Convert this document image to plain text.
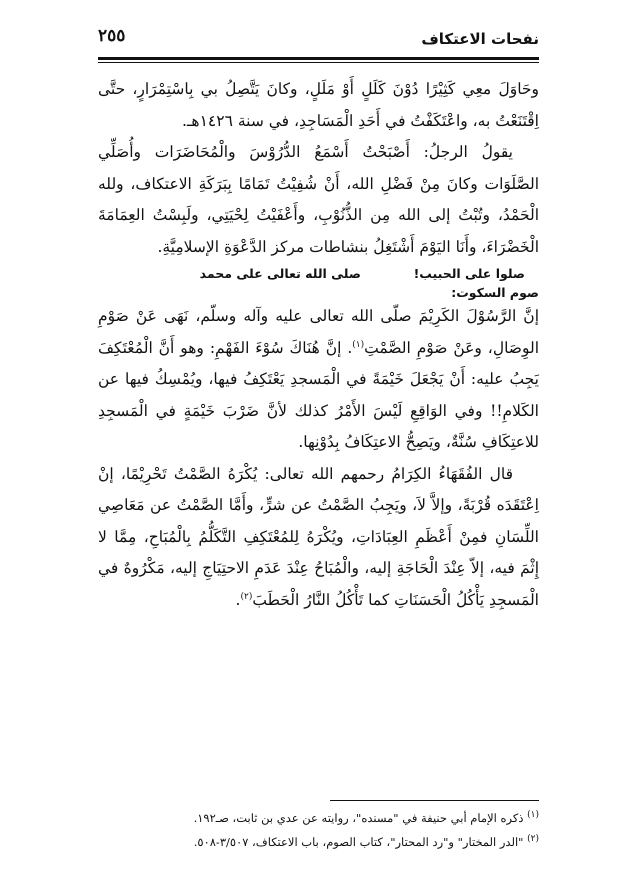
نفحات الاعتكاف
٢٥٥

وحَاوَلَ معِي كَثِيْرًا دُوْنَ كَلَلٍ أَوْ مَلَلٍ، وكانَ يَتَّصِلُ بي بِاسْتِمْرَارٍ، حتَّى اِقْتَنَعْتُ به، واعْتَكَفْتُ في أَحَدِ الْمَسَاجِدِ، في سنة ١٤٢٦هـ.

يقولُ الرجلُ: أَصْبَحْتُ أَسْمَعُ الدُّرُوْسَ والْمُحَاضَرَات وأُصَلِّي الصَّلَوَات وكانَ مِنْ فَضْلِ الله، أَنْ شُفِيْتُ تَمَامًا بِبَرَكَةِ الاعتكاف، ولله الْحَمْدُ، وتُبْتُ إلى الله مِن الذُّنُوْبِ، وأَعْفَيْتُ لِحْيَتِي، ولَبِسْتُ العِمَامَةَ الْخَضْرَاءَ، وأَنَا اليَوْمَ أَشْتَغِلُ بنشاطات مركز الدَّعْوَةِ الإسلامِيَّةِ.

صلوا على الحبيب!
صلى الله تعالى على محمد

صوم السكوت:

إنَّ الرَّسُوْلَ الكَرِيْمَ صلّى الله تعالى عليه وآله وسلّم، نَهَى عَنْ صَوْمِ الوِصَالِ، وعَنْ صَوْمِ الصَّمْتِ$^{(١)}$. إنَّ هُنَاكَ سُوْءَ الفَهْمِ: وهو أَنَّ الْمُعْتَكِفَ يَجِبُ عليه: أَنْ يَجْعَلَ خَيْمَةً في الْمَسجدِ يَعْتَكِفُ فيها، ويُمْسِكُ فيها عن الكَلامِ!! وفي الوَاقِعِ لَيْسَ الأَمْرُ كذلك لأنَّ ضَرْبَ خَيْمَةٍ في الْمَسجِدِ للاعتِكَافِ سُنَّةٌ، ويَصِحُّ الاعتِكَافُ بِدُوْنِها.

قال الفُقَهَاءُ الكِرَامُ رحمهم الله تعالى: يُكْرَهُ الصَّمْتُ تَحْرِيْمًا، إنْ اِعْتَقَدَه قُرْبَةً، وإلاَّ لاَ، ويَجِبُ الصَّمْتُ عن شرٍّ، وأَمَّا الصَّمْتُ عن مَعَاصِي اللِّسَانِ فمِنْ أَعْظَمِ العِبَادَاتِ، ويُكْرَهُ لِلمُعْتَكِفِ التَّكَلُّمُ بِالْمُبَاحِ، مِمَّا لا إِثْمَ فيه، إلاّ عِنْدَ الْحَاجَةِ إليه، والْمُبَاحُ عِنْدَ عَدَمِ الاحتِيَاجِ إليه، مَكْرُوهٌ في الْمَسجِدِ يَأْكُلُ الْحَسَنَاتِ كما تَأْكُلُ النَّارُ الْحَطَبَ$^{(٢)}$.

$^{(١)}$ ذكره الإمام أبي حنيفة في "مسنده"، روايته عن عدي بن ثابت، صـ١٩٢.

$^{(٢)}$ "الدر المختار" و"رد المحتار"، كتاب الصوم، باب الاعتكاف، ٣/٥٠٧-٥٠٨.
